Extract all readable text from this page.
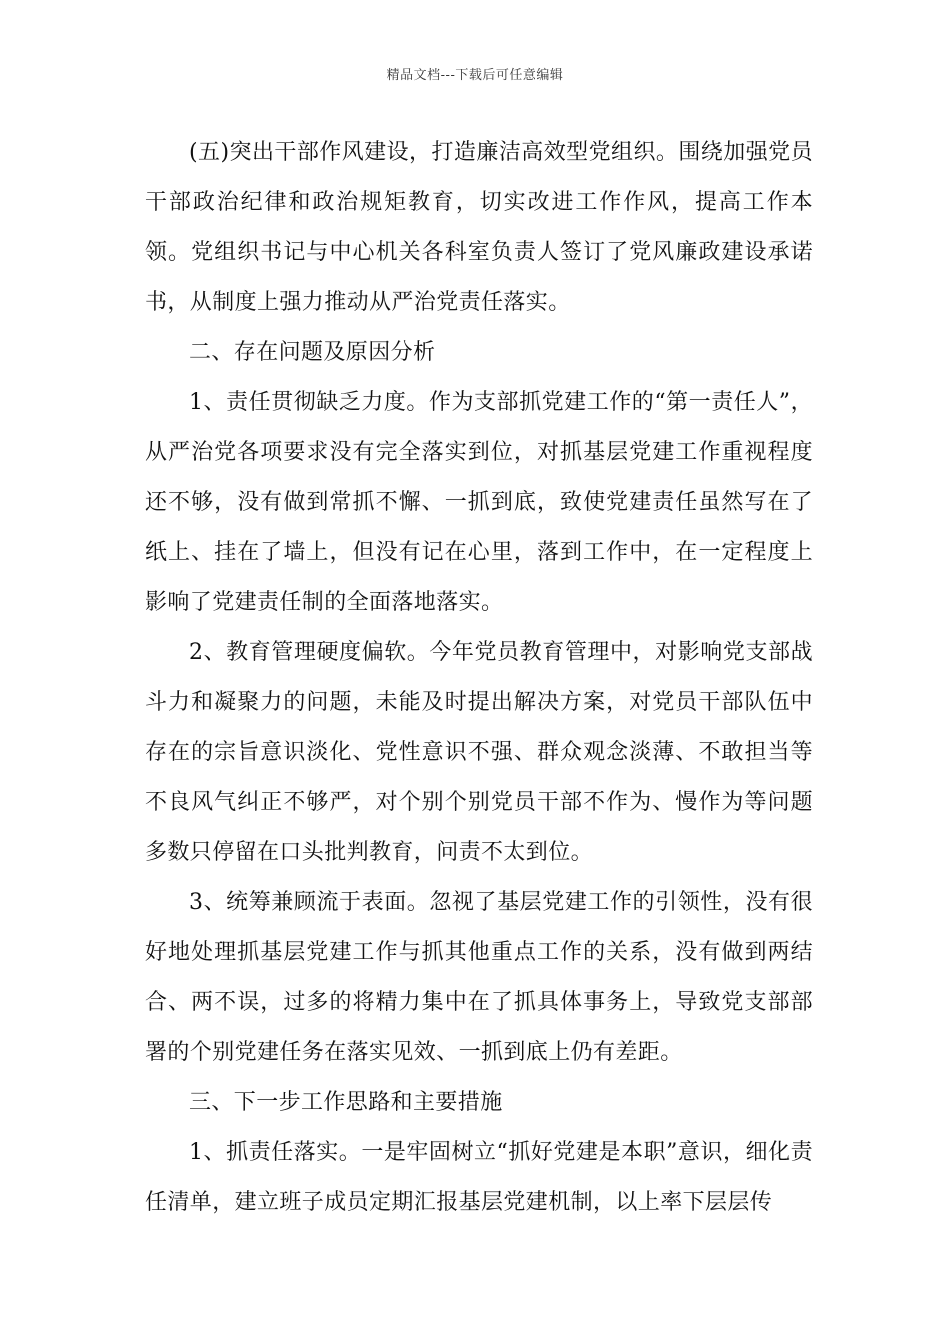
精品文档---下载后可任意编辑

(五)突出干部作风建设，打造廉洁高效型党组织。围绕加强党员干部政治纪律和政治规矩教育，切实改进工作作风，提高工作本领。党组织书记与中心机关各科室负责人签订了党风廉政建设承诺书，从制度上强力推动从严治党责任落实。

二、存在问题及原因分析

1、责任贯彻缺乏力度。作为支部抓党建工作的“第一责任人”，从严治党各项要求没有完全落实到位，对抓基层党建工作重视程度还不够，没有做到常抓不懈、一抓到底，致使党建责任虽然写在了纸上、挂在了墙上，但没有记在心里，落到工作中，在一定程度上影响了党建责任制的全面落地落实。

2、教育管理硬度偏软。今年党员教育管理中，对影响党支部战斗力和凝聚力的问题，未能及时提出解决方案，对党员干部队伍中存在的宗旨意识淡化、党性意识不强、群众观念淡薄、不敢担当等不良风气纠正不够严，对个别个别党员干部不作为、慢作为等问题多数只停留在口头批判教育，问责不太到位。

3、统筹兼顾流于表面。忽视了基层党建工作的引领性，没有很好地处理抓基层党建工作与抓其他重点工作的关系，没有做到两结合、两不误，过多的将精力集中在了抓具体事务上，导致党支部部署的个别党建任务在落实见效、一抓到底上仍有差距。

三、下一步工作思路和主要措施

1、抓责任落实。一是牢固树立“抓好党建是本职”意识，细化责任清单，建立班子成员定期汇报基层党建机制，以上率下层层传
